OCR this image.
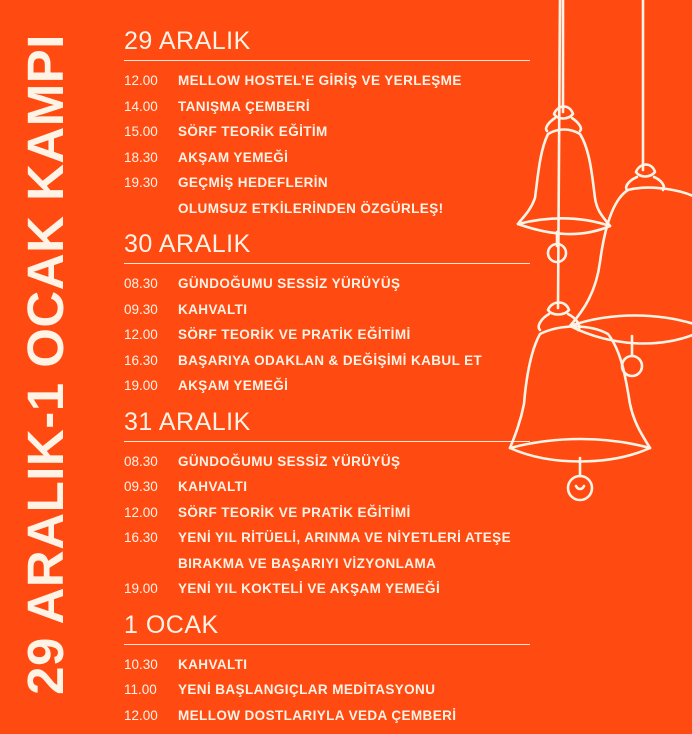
29 ARALIK-1 OCAK KAMPI 29 ARALIK
12.00	MELLOW HOSTEL’E GİRİŞ VE YERLEŞME
14.00	TANIŞMA ÇEMBERİ
15.00	SÖRF TEORİK EĞİTİM
18.30	AKŞAM YEMEĞİ
19.30	GEÇMİŞ HEDEFLERİN
OLUMSUZ ETKİLERİNDEN ÖZGÜRLEŞ!
30 ARALIK
08.30	GÜNDOĞUMU SESSİZ YÜRÜYÜŞ
09.30	KAHVALTI
12.00	SÖRF TEORİK VE PRATİK EĞİTİMİ
16.30	BAŞARIYA ODAKLAN & DEĞİŞİMİ KABUL ET
19.00	AKŞAM YEMEĞİ
31 ARALIK
08.30	GÜNDOĞUMU SESSİZ YÜRÜYÜŞ
09.30	KAHVALTI
12.00	SÖRF TEORİK VE PRATİK EĞİTİMİ
16.30	YENİ YIL RİTÜELİ, ARINMA VE NİYETLERİ ATEŞE
BIRAKMA VE BAŞARIYI VİZYONLAMA
19.00	YENİ YIL KOKTELİ VE AKŞAM YEMEĞİ
1 OCAK
10.30	KAHVALTI
11.00	YENİ BAŞLANGIÇLAR MEDİTASYONU
12.00	MELLOW DOSTLARIYLA VEDA ÇEMBERİ
